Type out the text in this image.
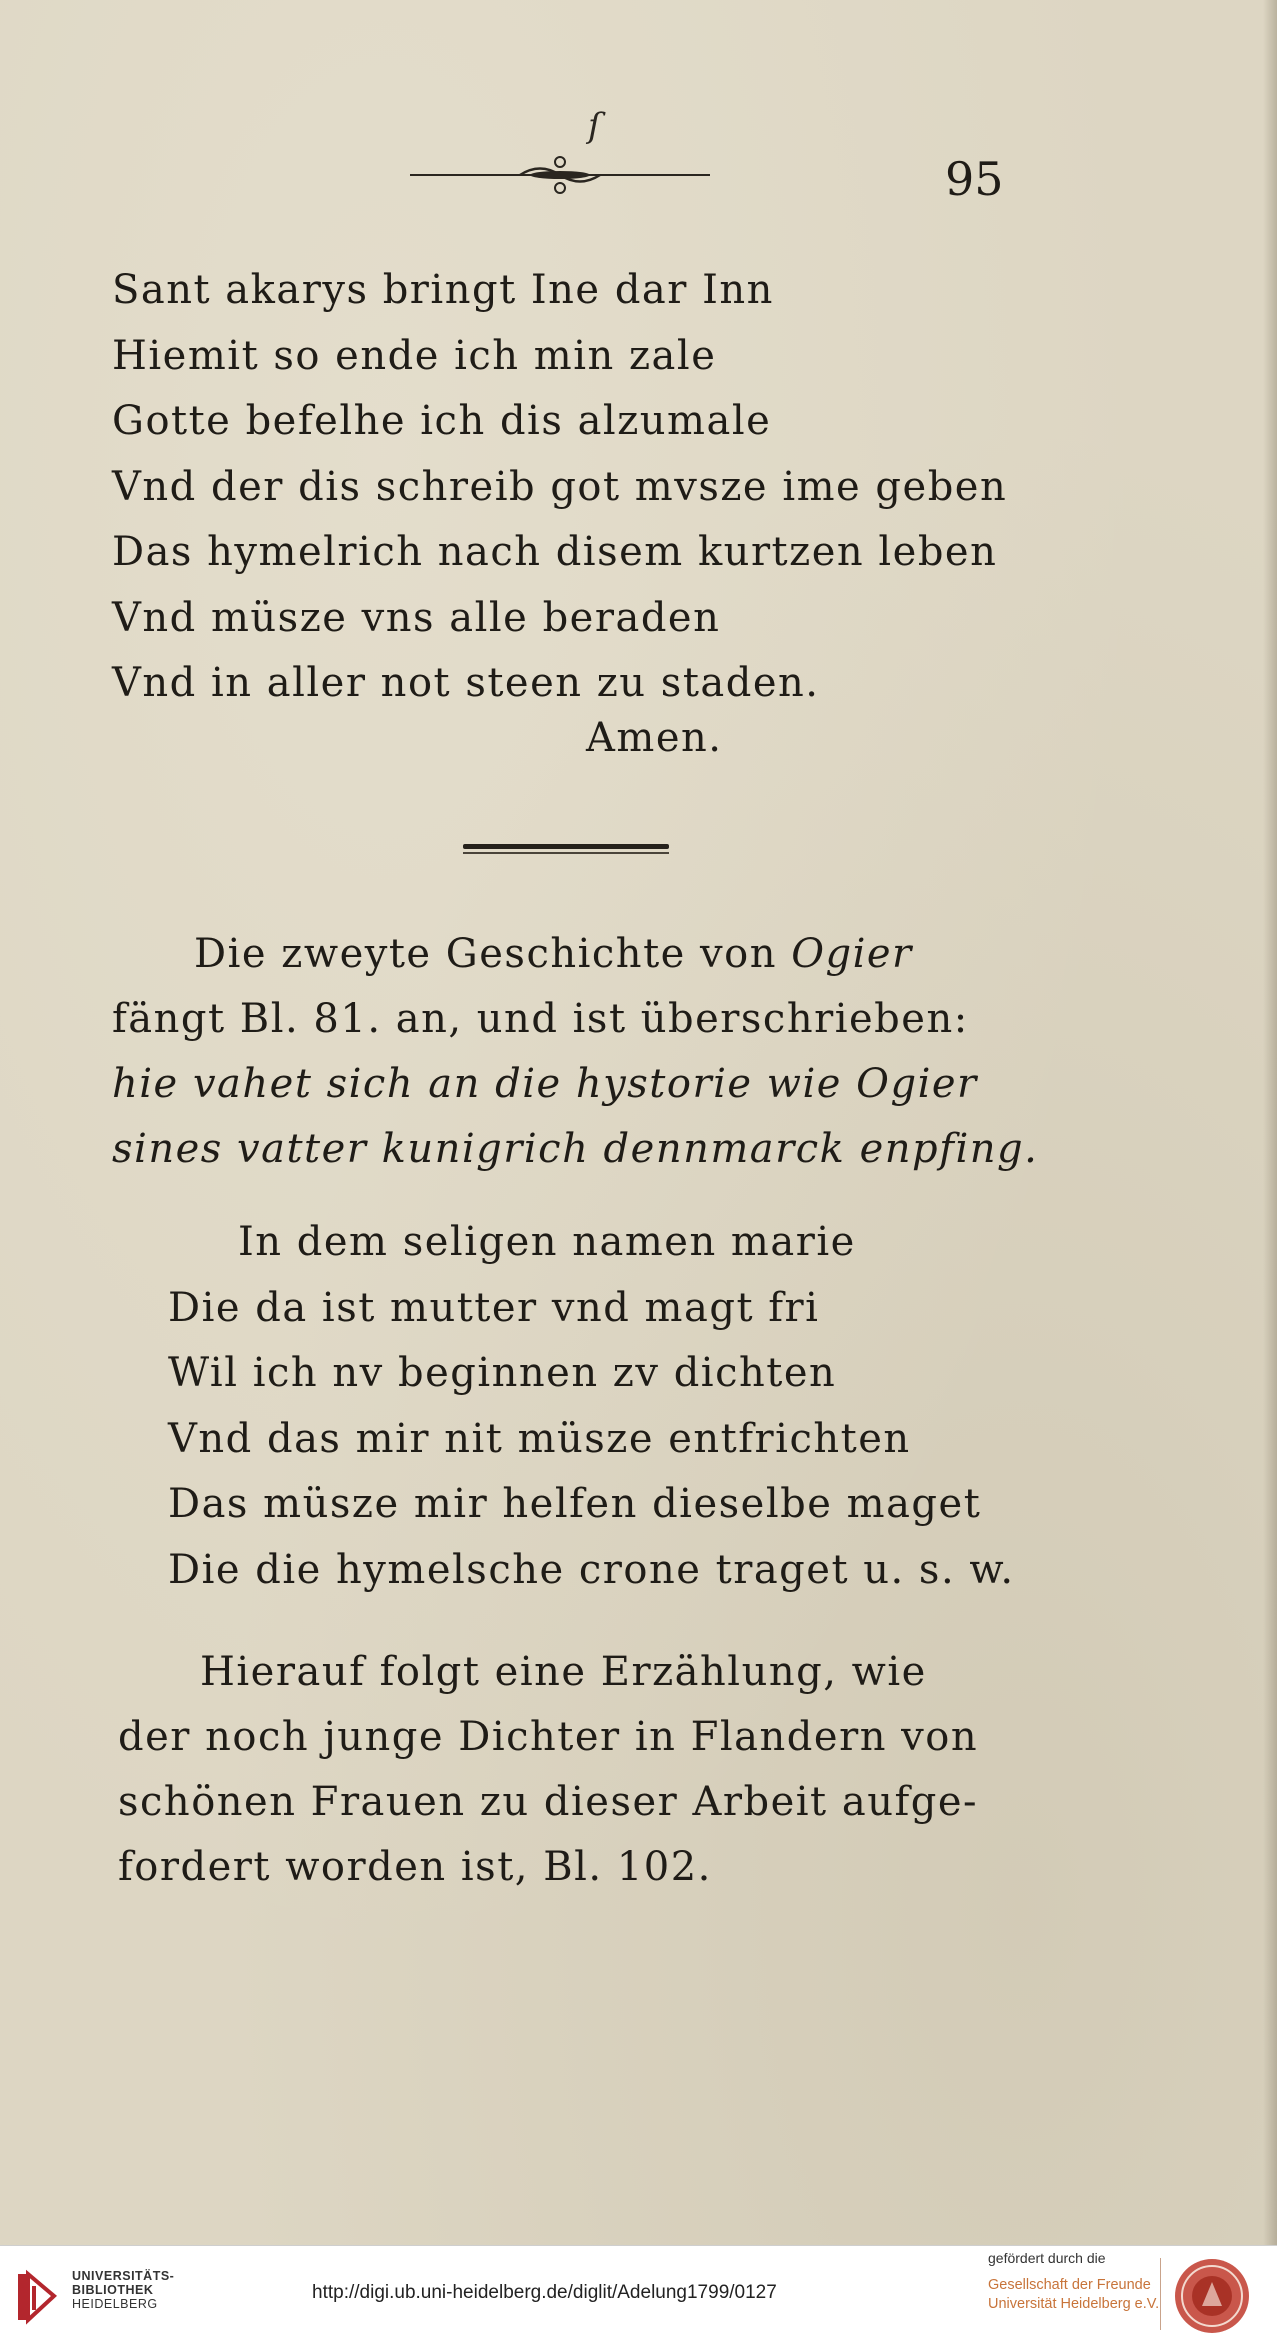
ſ
95
Sant akarys bringt Ine dar Inn
Hiemit so ende ich min zale
Gotte befelhe ich dis alzumale
Vnd der dis schreib got mvsze ime geben
Das hymelrich nach disem kurtzen leben
Vnd müsze vns alle beraden
Vnd in aller not steen zu staden.
Amen.
Die zweyte Geschichte von Ogier
fängt Bl. 81. an, und ist überschrieben:
hie vahet sich an die hystorie wie Ogier
sines vatter kunigrich dennmarck enpfing.
In dem seligen namen marie
Die da ist mutter vnd magt fri
Wil ich nv beginnen zv dichten
Vnd das mir nit müsze entfrichten
Das müsze mir helfen dieselbe maget
Die die hymelsche crone traget u. s. w.
Hierauf folgt eine Erzählung, wie
der noch junge Dichter in Flandern von
schönen Frauen zu dieser Arbeit aufge-
fordert worden ist, Bl. 102.
UNIVERSITÄTS-
BIBLIOTHEK
HEIDELBERG
http://digi.ub.uni-heidelberg.de/diglit/Adelung1799/0127
gefördert durch die
Gesellschaft der Freunde
Universität Heidelberg e.V.
